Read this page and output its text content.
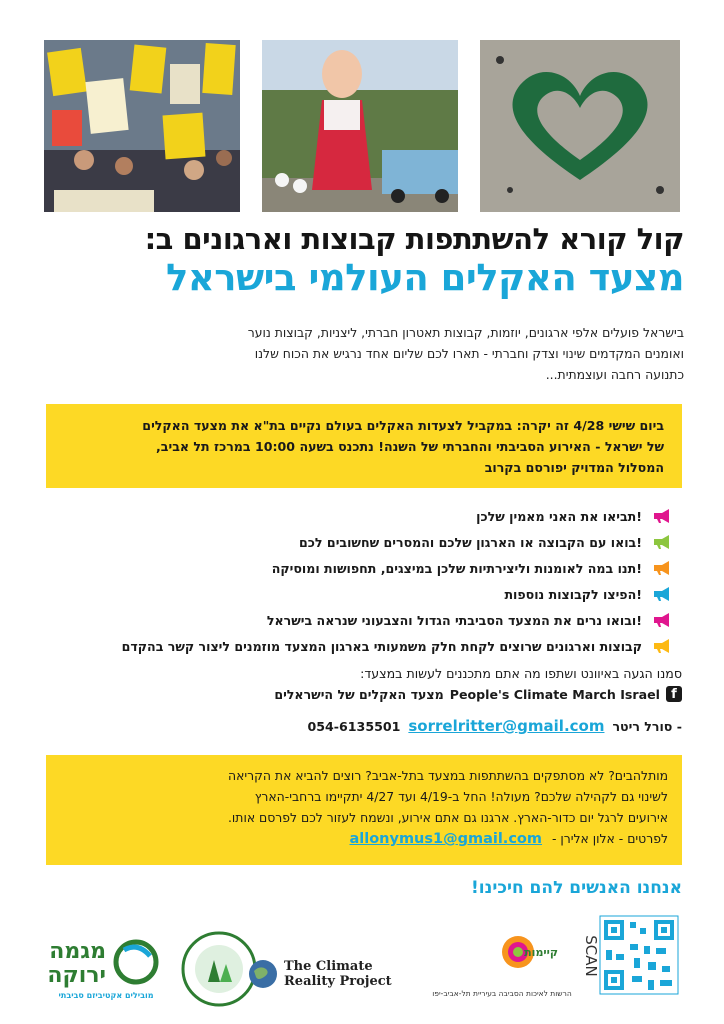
קול קורא להשתתפות קבוצות וארגונים ב:
מצעד האקלים העולמי בישראל
בישראל פועלים אלפי ארגונים, יוזמות, קבוצות תאטרון חברתי, ליצניות, קבוצות נוער
ואומנים המקדמים שינוי וצדק וחברתי - תארו לכם שליום אחד נרגיש את הכוח שלנו
כתנועה רחבה ועוצמתית...
ביום שישי 4/28 זה יקרה: במקביל לצעדות האקלים בעולם נקיים בת"א את מצעד האקלים
של ישראל - האירוע הסביבתי והחברתי של השנה! נתכנס בשעה 10:00 במרכז תל אביב,
המסלול המדויק יפורסם בקרוב
תביאו את האני מאמין שלכן!
בואו עם הקבוצה או הארגון שלכם והמסרים שחשובים לכם!
תנו במה לאומנות וליצירתיות שלכן במיצגים, תחפושות ומוסיקה!
הפיצו לקבוצות נוספות!
ובואו נרים את המצעד הסביבתי הגדול והצבעוני שנראה בישראל!
קבוצות וארגונים שרוצים לקחת חלק משמעותי בארגון המצעד מוזמנים ליצור קשר בהקדם
סמנו הגעה באיוונט ושתפו מה אתם מתכננים לעשות במצעד:
f
People's Climate March Israel
מצעד האקלים של הישראלים
סורל ריטר -
sorrelritter@gmail.com
054-6135501
מותלהבים? לא מסתפקים בהשתתפות במצעד בתל-אביב? רוצים להביא את הקריאה
לשינוי גם לקהילה שלכם? מעולה! החל ב-4/19 ועד 4/27 יתקיימו ברחבי-הארץ
אירועים לרגל יום כדור-הארץ. ארגנו גם אתם אירוע, ונשמח לעזור לכם לפרסם אותו.
לפרטים - אלון אלירן - allonymus1@gmail.com
אנחנו האנשים להם חיכינו!
מגמה
ירוקה
מובילים אקטיביזם סביבתי
The Climate
Reality Project
קיימות
הרשות לאיכות הסביבה בעיריית תל-אביב-יפו
SCAN
